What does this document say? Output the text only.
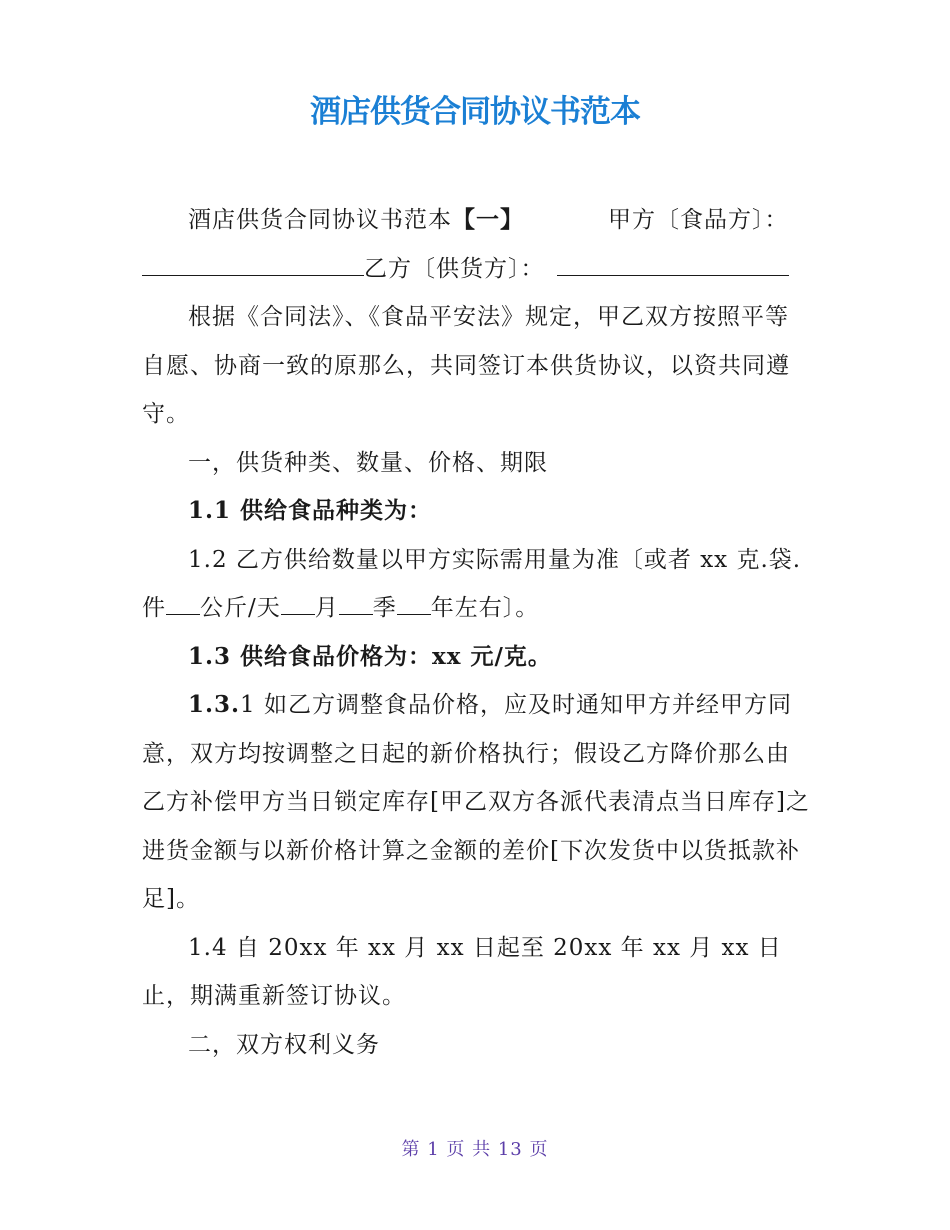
酒店供货合同协议书范本

酒店供货合同协议书范本【一】	甲方〔食品方〕：

乙方〔供货方〕：

根据《合同法》、《食品平安法》规定，甲乙双方按照平等自愿、协商一致的原那么，共同签订本供货协议，以资共同遵守。

一，供货种类、数量、价格、期限

1.1 供给食品种类为：

1.2 乙方供给数量以甲方实际需用量为准〔或者 xx 克.袋.件 公斤/天 月 季 年左右〕。

1.3 供给食品价格为：xx 元/克。

1.3.1 如乙方调整食品价格，应及时通知甲方并经甲方同意，双方均按调整之日起的新价格执行；假设乙方降价那么由乙方补偿甲方当日锁定库存[甲乙双方各派代表清点当日库存]之进货金额与以新价格计算之金额的差价[下次发货中以货抵款补足]。

1.4 自 20xx 年 xx 月 xx 日起至 20xx 年 xx 月 xx 日止，期满重新签订协议。

二，双方权利义务

第 1 页 共 13 页
